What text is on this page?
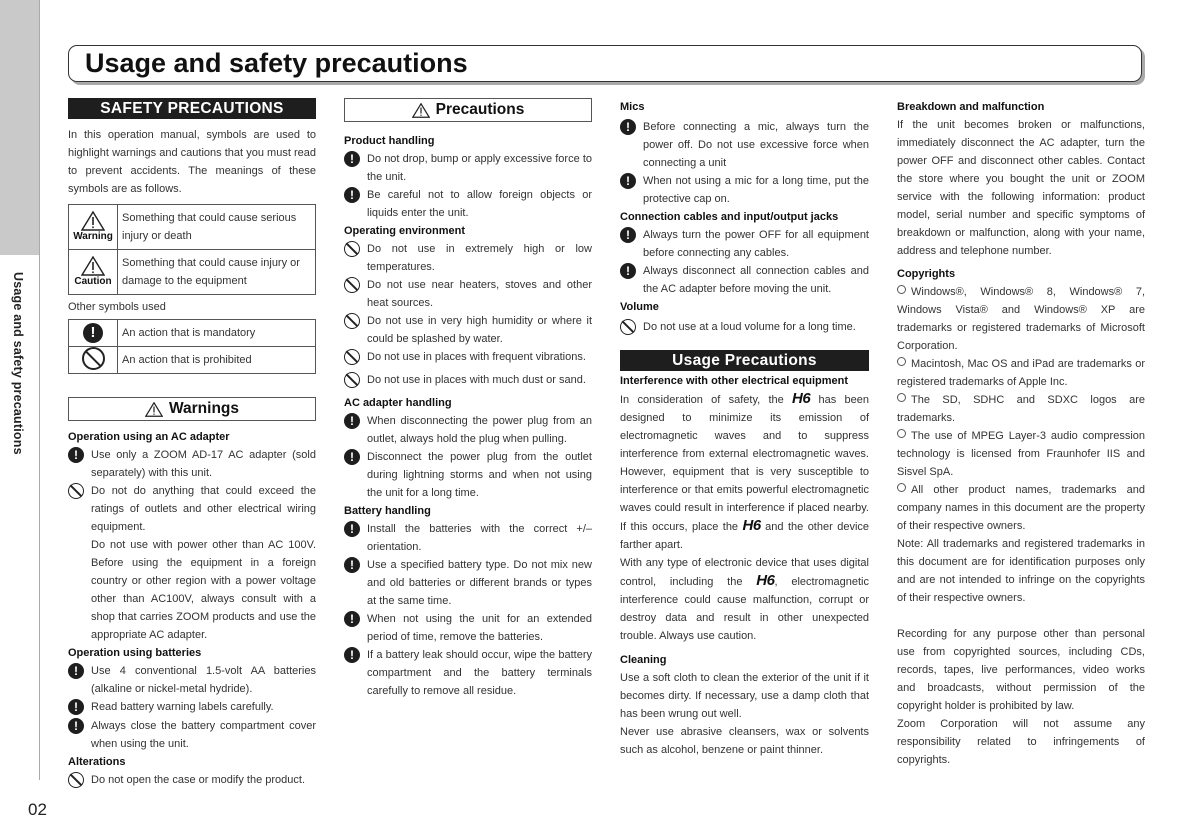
Usage and safety precautions
02
Usage and safety precautions
SAFETY PRECAUTIONS

In this operation manual, symbols are used to highlight warnings and cautions that you must read to prevent accidents. The meanings of these symbols are as follows.

Warning
Something that could cause serious injury or death
Caution
Something that could cause injury or damage to the equipment

Other symbols used

!	An action that is mandatory
An action that is prohibited
Warnings
Operation using an AC adapter
!	Use only a ZOOM AD-17 AC adapter (sold separately) with this unit.
Do not do anything that could exceed the ratings of outlets and other electrical wiring equipment.

Do not use with power other than AC 100V. Before using the equipment in a foreign country or other region with a power voltage other than AC100V, always consult with a shop that carries ZOOM products and use the appropriate AC adapter.

Operation using batteries
!	Use 4 conventional 1.5-volt AA batteries (alkaline or nickel-metal hydride).
!	Read battery warning labels carefully.
!	Always close the battery compartment cover when using the unit.
Alterations
Do not open the case or modify the product.
Precautions
Product handling
!	Do not drop, bump or apply excessive force to the unit.
!	Be careful not to allow foreign objects or liquids enter the unit.
Operating environment
Do not use in extremely high or low temperatures.
Do not use near heaters, stoves and other heat sources.
Do not use in very high humidity or where it could be splashed by water.
Do not use in places with frequent vibrations.
Do not use in places with much dust or sand.
AC adapter handling
!	When disconnecting the power plug from an outlet, always hold the plug when pulling.
!	Disconnect the power plug from the outlet during lightning storms and when not using the unit for a long time.
Battery handling
!	Install the batteries with the correct +/– orientation.
!	Use a specified battery type. Do not mix new and old batteries or different brands or types at the same time.
!	When not using the unit for an extended period of time, remove the batteries.
!	If a battery leak should occur, wipe the battery compartment and the battery terminals carefully to remove all residue.
Mics
!	Before connecting a mic, always turn the power off. Do not use excessive force when connecting a unit
!	When not using a mic for a long time, put the protective cap on.
Connection cables and input/output jacks
!	Always turn the power OFF for all equipment before connecting any cables.
!	Always disconnect all connection cables and the AC adapter before moving the unit.
Volume
Do not use at a loud volume for a long time.
Usage Precautions
Interference with other electrical equipment

In consideration of safety, the H6 has been designed to minimize its emission of electromagnetic waves and to suppress interference from external electromagnetic waves. However, equipment that is very susceptible to interference or that emits powerful electromagnetic waves could result in interference if placed nearby. If this occurs, place the H6 and the other device farther apart.

With any type of electronic device that uses digital control, including the H6, electromagnetic interference could cause malfunction, corrupt or destroy data and result in other unexpected trouble. Always use caution.

Cleaning

Use a soft cloth to clean the exterior of the unit if it becomes dirty. If necessary, use a damp cloth that has been wrung out well.

Never use abrasive cleansers, wax or solvents such as alcohol, benzene or paint thinner.

Breakdown and malfunction

If the unit becomes broken or malfunctions, immediately disconnect the AC adapter, turn the power OFF and disconnect other cables. Contact the store where you bought the unit or ZOOM service with the following information: product model, serial number and specific symptoms of breakdown or malfunction, along with your name, address and telephone number.

Copyrights

Windows®, Windows® 8, Windows® 7, Windows Vista® and Windows® XP are trademarks or registered trademarks of Microsoft Corporation.

Macintosh, Mac OS and iPad are trademarks or registered trademarks of Apple Inc.

The SD, SDHC and SDXC logos are trademarks.

The use of MPEG Layer-3 audio compression technology is licensed from Fraunhofer IIS and Sisvel SpA.

All other product names, trademarks and company names in this document are the property of their respective owners.

Note: All trademarks and registered trademarks in this document are for identification purposes only and are not intended to infringe on the copyrights of their respective owners.

Recording for any purpose other than personal use from copyrighted sources, including CDs, records, tapes, live performances, video works and broadcasts, without permission of the copyright holder is prohibited by law.

Zoom Corporation will not assume any responsibility related to infringements of copyrights.
